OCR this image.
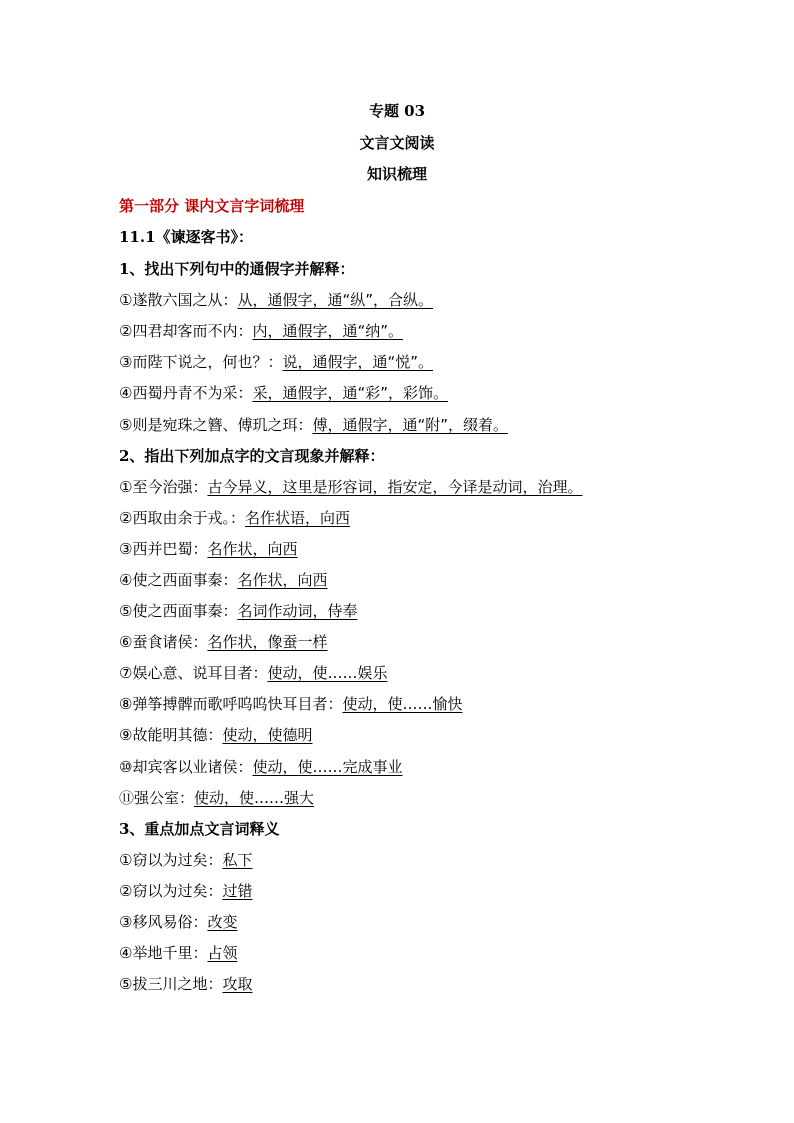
专题 03
文言文阅读
知识梳理
第一部分 课内文言字词梳理
11.1《谏逐客书》：
1、找出下列句中的通假字并解释：
①遂散六国之从：从，通假字，通“纵”，合纵。
②四君却客而不内：内，通假字，通“纳”。
③而陛下说之，何也？：说，通假字，通“悦”。
④西蜀丹青不为采：采，通假字，通“彩”，彩饰。
⑤则是宛珠之簪、傅玑之珥：傅，通假字，通“附”，缀着。
2、指出下列加点字的文言现象并解释：
①至今治强：古今异义，这里是形容词，指安定，今译是动词，治理。
②西取由余于戎。：名作状语，向西
③西并巴蜀：名作状，向西
④使之西面事秦：名作状，向西
⑤使之西面事秦：名词作动词，侍奉
⑥蚕食诸侯：名作状，像蚕一样
⑦娱心意、说耳目者：使动，使……娱乐
⑧弹筝搏髀而歌呼呜呜快耳目者：使动，使……愉快
⑨故能明其德：使动，使德明
⑩却宾客以业诸侯：使动，使……完成事业
⑪强公室：使动，使……强大
3、重点加点文言词释义
①窃以为过矣：私下
②窃以为过矣：过错
③移风易俗：改变
④举地千里：占领
⑤拔三川之地：攻取
